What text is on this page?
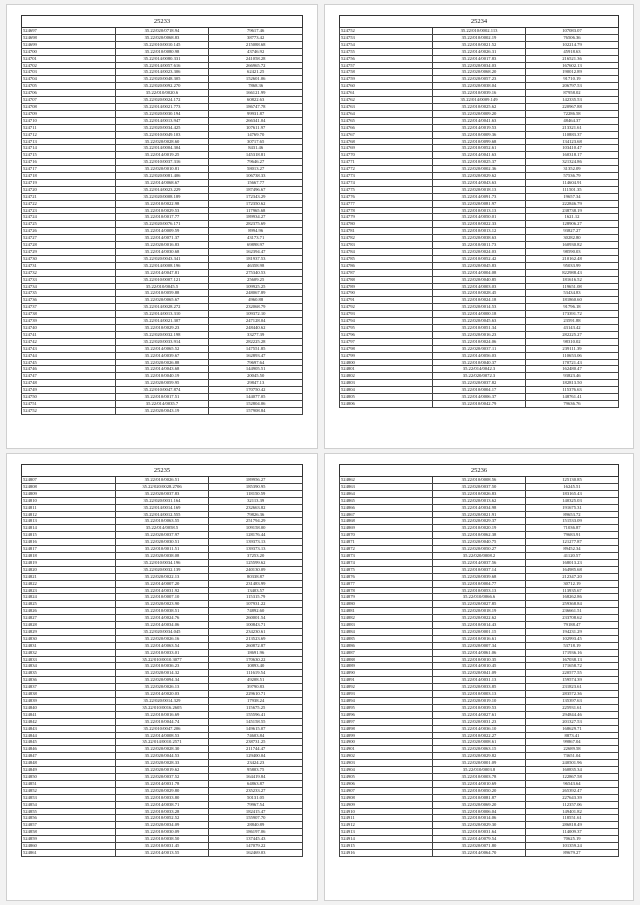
25233		
524697	35.22/020/0718.94	79617.46
524698	35.22/020/0068.83	38773.42
524699	35.22/010/0010.145	215088.68
524700	35.22/010/0080.98	43746.92
524701	35.22/014/0080.331	241058.28
524702	35.22/014/0057.616	266965.72
524703	35.22/014/0023.306	62421.25
524704	35.22/020/0048.305	152601.06
524705	35.22/020/0092.270	7868.36
524706	35.22/010/0020.6	166121.99
524707	35.22/020/0024.172	60822.63
524708	35.22/014/0021.773	186747.78
524709	35.22/020/0030.194	99931.87
524710	35.22/014/0013.947	266341.04
524711	35.22/020/0034.425	107611.97
524712	35.22/010/0049.103	14769.70
524713	35.22/020/0028.60	30717.65
524714	35.22/014/0004.304	8431.46
524715	35.22/014/0019.25	145318.81
524716	35.22/010/0037.316	79646.27
524717	35.22/020/0010.81	58013.27
524718	35.22/020/0081.406	106738.33
524719	35.22/014/0068.67	15667.77
524720	35.22/014/0023.229	187496.67
524721	35.22/020/0008.189	172343.29
524722	35.22/010/0022.98	172350.62
524723	35.22/010/0029.53	117965.68
524724	35.22/010/0017.77	189934.27
524725	35.22/020/0076.171	282375.69
524726	35.22/014/0009.59	8994.96
524727	35.22/014/0071.37	43173.71
524728	35.22/020/0016.83	69898.97
524729	35.22/014/0030.68	162394.47
524730	35.22/020/0043.341	181937.53
524731	35.22/014/0008.196	46358.98
524732	35.22/014/0047.81	275340.53
524733	35.22/010/0007.121	25609.25
524734	35.22/010/0045.5	109925.25
524735	35.22/010/0059.88	248067.89
524736	35.22/020/0065.67	4960.88
524737	35.22/014/0028.272	232068.79
524738	35.22/014/0013.310	109372.10
524739	35.22/014/0021.307	247128.04
524740	35.22/010/0029.23	248440.62
524741	35.22/020/0032.198	33277.39
524742	35.22/020/0033.914	282225.28
524743	35.22/014/0065.52	147551.85
524744	35.22/014/0039.67	162893.47
524745	35.22/020/0026.88	79697.64
524746	35.22/014/0043.68	144905.51
524747	35.22/010/0040.19	20045.50
524748	35.22/020/0059.95	29847.13
524749	35.22/010/0047.874	170750.42
524750	35.22/010/0017.51	144077.05
524751	35.22/014/0035.7	152804.06
524752	35.22/020/0043.19	157908.84
25234		
524752	35.22/010/0002.113	107083.07
524753	35.22/010/0002.19	76506.36
524754	35.22/010/0021.52	102214.79
524755	35.22/014/0026.31	45918.63
524756	35.22/014/0017.83	216521.36
524757	35.22/020/0034.03	167602.13
524758	35.22/020/0068.20	190012.89
524759	35.22/020/0057.23	91710.19
524760	35.22/020/0038.04	206797.53
524761	35.22/010/0039.16	87958.02
524762	35.22/014/0009.149	142335.53
524763	35.22/010/0025.62	220967.88
524764	35.22/020/0009.20	72286.58
524765	35.22/014/0041.63	48464.37
524766	35.22/014/0019.53	213321.61
524767	35.22/010/0009.36	110883.37
524768	35.22/010/0099.68	134123.68
524769	35.22/010/0052.61	103410.47
524770	35.22/014/0041.63	160318.17
524771	35.22/010/0025.37	321324.86
524772	35.22/020/0002.36	31352.09
524773	35.22/020/0029.62	57536.79
524774	35.22/014/0043.63	114604.91
524775	35.22/020/0018.13	111501.35
524776	35.22/014/0091.73	19657.34
524777	35.22/020/0081.97	222846.79
524778	35.22/010/0013.13	238738.19
524779	35.22/014/0050.01	1621.12
524780	35.22/010/0022.33	128906.27
524781	35.22/010/0013.12	93827.27
524782	35.22/020/0038.63	30282.80
524783	35.22/010/0011.73	160930.82
524784	35.22/020/0024.03	98590.03
524785	35.22/010/0052.42	210162.48
524786	35.22/020/0045.83	95033.99
524787	35.22/014/0004.08	822988.43
524788	35.22/020/0040.85	181616.52
524789	35.22/014/0003.03	119651.08
524790	35.22/010/0028.45	53434.83
524791	35.22/010/0024.18	181860.60
524792	35.22/020/0014.53	91796.18
524793	35.22/014/0000.18	173391.72
524794	35.22/020/0045.63	23591.88
524795	35.22/010/0051.34	43143.42
524796	35.22/020/0016.23	282225.27
524797	35.22/010/0024.06	98310.02
524798	35.22/020/0037.11	239111.39
524799	35.22/014/0056.03	110653.06
524800	35.22/010/0040.37	170721.43
524801	35.22/014/0042.3	162480.47
524802	35.22/020/0072.3	93823.46
524803	35.22/020/0037.82	182813.50
524804	35.22/010/0004.17	115376.63
524805	35.22/014/0006.37	148761.41
524806	35.22/010/0042.79	79636.76
25235		
524807	35.22/010/0026.51	189956.27
524808	35.22/020/0028.2706	185390.95
524809	35.22/020/0037.83	118150.59
524810	35.22/020/0031.164	32113.39
524811	35.22/014/0014.169	232663.82
524812	35.22/014/0012.555	79826.36
524813	35.22/010/0063.55	251794.29
524814	35.22/014/0058.5	109158.00
524815	35.22/020/0037.97	128176.44
524816	35.22/020/0030.51	139373.13
524817	35.22/010/0011.51	139373.13
524818	35.22/020/0038.08	37253.20
524819	35.22/010/0034.196	125599.62
524820	35.22/020/0032.139	240130.09
524821	35.22/020/0022.13	80338.87
524822	35.22/014/0007.20	231483.99
524823	35.22/014/0031.92	13403.57
524824	35.22/010/0007.10	115315.79
524825	35.22/020/0023.90	107931.22
524826	35.22/010/0038.51	74892.60
524827	35.22/014/0024.76	260001.54
524828	35.22/014/0034.06	100843.71
524829	35.22/020/0034.045	234230.61
524830	35.22/020/0026.16	213523.69
524831	35.22/014/0063.54	260872.87
524832	35.22/010/0033.01	18691.96
524833	35.22/010/0010.3077	170630.22
524834	35.22/010/0036.23	10893.40
524835	35.22/020/0014.32	111619.54
524836	35.22/020/0094.34	49208.51
524837	35.22/020/0026.13	39790.83
524838	35.22/014/0020.03	229610.71
524839	35.22/020/0014.329	17938.24
524840	35.22/010/0016.2605	115675.25
524841	35.22/010/0016.69	155596.41
524842	35.22/010/0044.74	145158.55
524843	35.22/010/0047.206	149615.07
524844	35.22/014/0008.53	74603.84
524845	35.22/014/0010.2571	238731.25
524846	35.22/020/0028.30	211744.47
524847	35.22/020/0044.53	129400.04
524848	35.22/020/0028.33	23424.23
524849	35.22/020/0019.62	95803.75
524850	35.22/020/0037.52	164419.84
524851	35.22/014/0031.78	64863.87
524852	35.22/020/0029.80	235233.27
524853	35.22/010/0033.80	50131.05
524854	35.22/014/0038.71	79967.54
524855	35.22/010/0033.28	182415.47
524856	35.22/010/0052.52	155907.70
524857	35.22/020/0034.09	28840.89
524858	35.22/010/0030.09	186197.06
524859	35.22/010/0038.50	137445.43
524860	35.22/010/0031.45	147079.22
524861	35.22/014/0013.55	162469.03
25236		
524862	35.22/010/0008.56	125130.85
524863	35.22/020/0037.50	16245.51
524864	35.22/010/0026.83	183165.43
524865	35.22/020/0013.62	140325.03
524866	35.22/014/0034.98	191675.31
524867	35.22/020/0021.91	89653.72
524868	35.22/020/0029.37	151533.09
524869	35.22/010/0020.19	71036.87
524870	35.22/010/0062.38	79683.91
524871	35.22/020/0040.75	121277.87
524872	35.22/020/0050.27	89452.34
524873	35.22/020/0008.2	41120.57
524874	35.22/014/0037.56	168013.23
524875	35.22/010/0037.14	164985.68
524876	35.22/020/0039.68	212347.20
524877	35.22/010/0004.77	30712.19
524878	35.22/010/0053.13	113935.67
524879	35.22/010/0066.6	168262.86
524880	35.22/020/0027.85	259368.84
524881	35.22/020/0018.19	236661.51
524882	35.22/020/0022.62	233708.62
524883	35.22/010/0014.43	79188.47
524884	35.22/020/0001.15	194231.29
524885	35.22/010/0016.61	102993.45
524886	35.22/020/0007.34	53718.19
524887	35.22/014/0061.06	171936.16
524888	35.22/010/0010.35	167038.13
524889	35.22/014/0010.45	171658.72
524890	35.22/020/0041.09	220577.55
524891	35.22/014/0031.13	159574.39
524892	35.22/020/0033.85	231823.61
524893	35.22/010/0003.13	283572.36
524894	35.22/020/0019.10	135397.63
524895	35.22/010/0039.53	225931.61
524896	35.22/014/0027.61	294844.46
524897	35.22/020/0031.23	201327.53
524898	35.22/014/0036.10	168629.71
524899	35.22/010/0022.27	8873.41
524900	35.22/020/0008.61	99867.04
524901	35.22/020/0063.15	22689.58
524902	35.22/020/0029.82	73651.04
524903	35.22/020/0001.09	240501.96
524904	35.22/010/0003.8	160835.34
524905	35.22/010/0003.78	122867.58
524906	35.22/014/0010.69	96543.64
524907	35.22/010/0050.20	265392.47
524908	35.22/010/0081.87	227643.39
524909	35.22/020/0069.20	112357.06
524910	35.22/010/0006.04	149401.82
524911	35.22/010/0014.06	118551.61
524912	35.22/020/0029.30	286818.49
524913	35.22/010/0031.64	114009.37
524914	35.22/014/0079.54	70625.19
524915	35.22/020/0071.80	101359.24
524916	35.22/014/0064.70	89679.27
